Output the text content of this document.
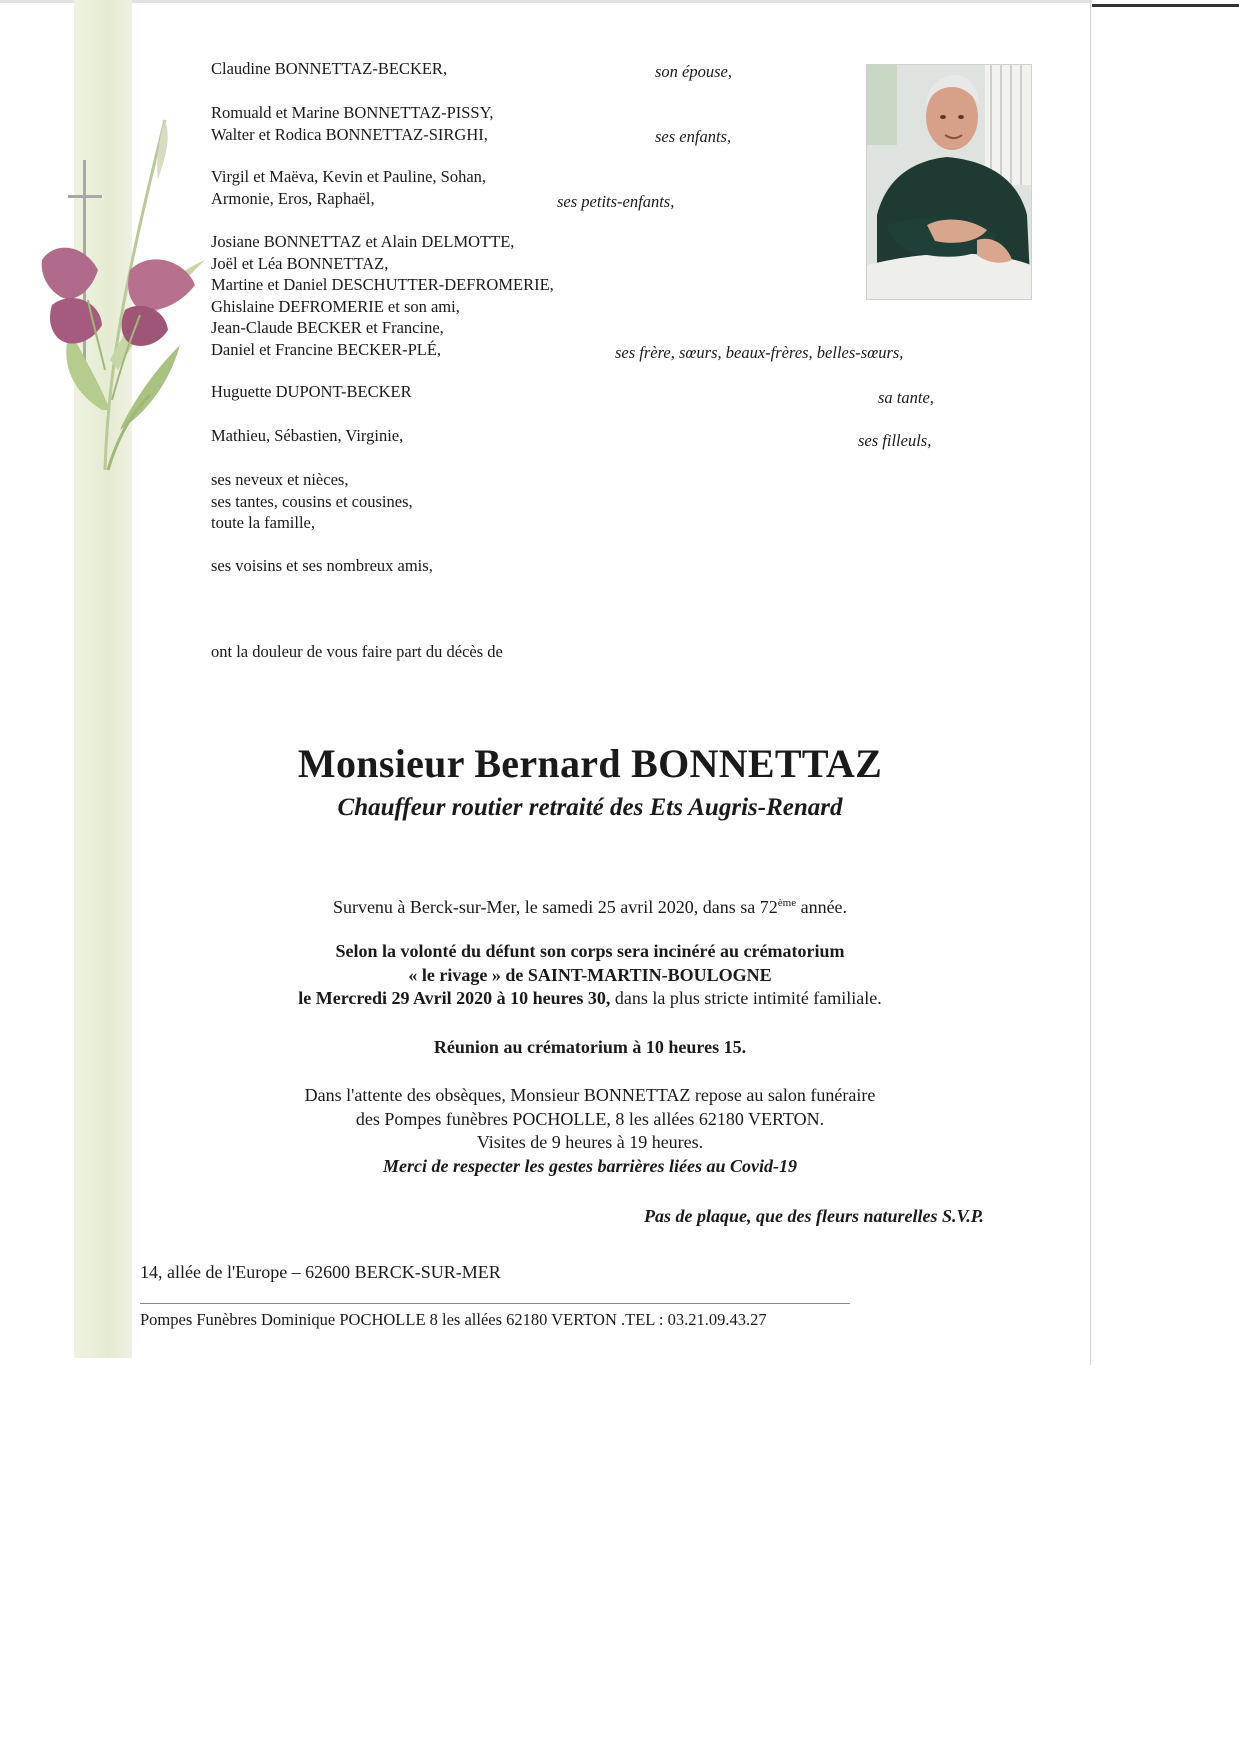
Claudine BONNETTAZ-BECKER,	son épouse,
Romuald et Marine BONNETTAZ-PISSY,
Walter et Rodica BONNETTAZ-SIRGHI,	ses enfants,
Virgil et Maëva, Kevin et Pauline, Sohan,
Armonie, Eros, Raphaël,	ses petits-enfants,
Josiane BONNETTAZ et Alain DELMOTTE,
Joël et Léa BONNETTAZ,
Martine et Daniel DESCHUTTER-DEFROMERIE,
Ghislaine DEFROMERIE et son ami,
Jean-Claude BECKER et Francine,
Daniel et Francine BECKER-PLÉ,	ses frère, sœurs, beaux-frères, belles-sœurs,
Huguette DUPONT-BECKER	sa tante,
Mathieu, Sébastien, Virginie,	ses filleuls,
ses neveux et nièces,
ses tantes, cousins et cousines,
toute la famille,
ses voisins et ses nombreux amis,
ont la douleur de vous faire part du décès de
Monsieur Bernard BONNETTAZ
Chauffeur routier retraité des Ets Augris-Renard
Survenu à Berck-sur-Mer, le samedi 25 avril 2020, dans sa 72ème année.
Selon la volonté du défunt son corps sera incinéré au crématorium
« le rivage » de SAINT-MARTIN-BOULOGNE
le Mercredi 29 Avril 2020 à 10 heures 30, dans la plus stricte intimité familiale.
Réunion au crématorium à 10 heures 15.
Dans l'attente des obsèques, Monsieur BONNETTAZ repose au salon funéraire
des Pompes funèbres POCHOLLE, 8 les allées 62180 VERTON.
Visites de 9 heures à 19 heures.
Merci de respecter les gestes barrières liées au Covid-19
Pas de plaque, que des fleurs naturelles S.V.P.
14, allée de l'Europe – 62600 BERCK-SUR-MER
Pompes Funèbres Dominique POCHOLLE 8 les allées 62180 VERTON .TEL : 03.21.09.43.27
